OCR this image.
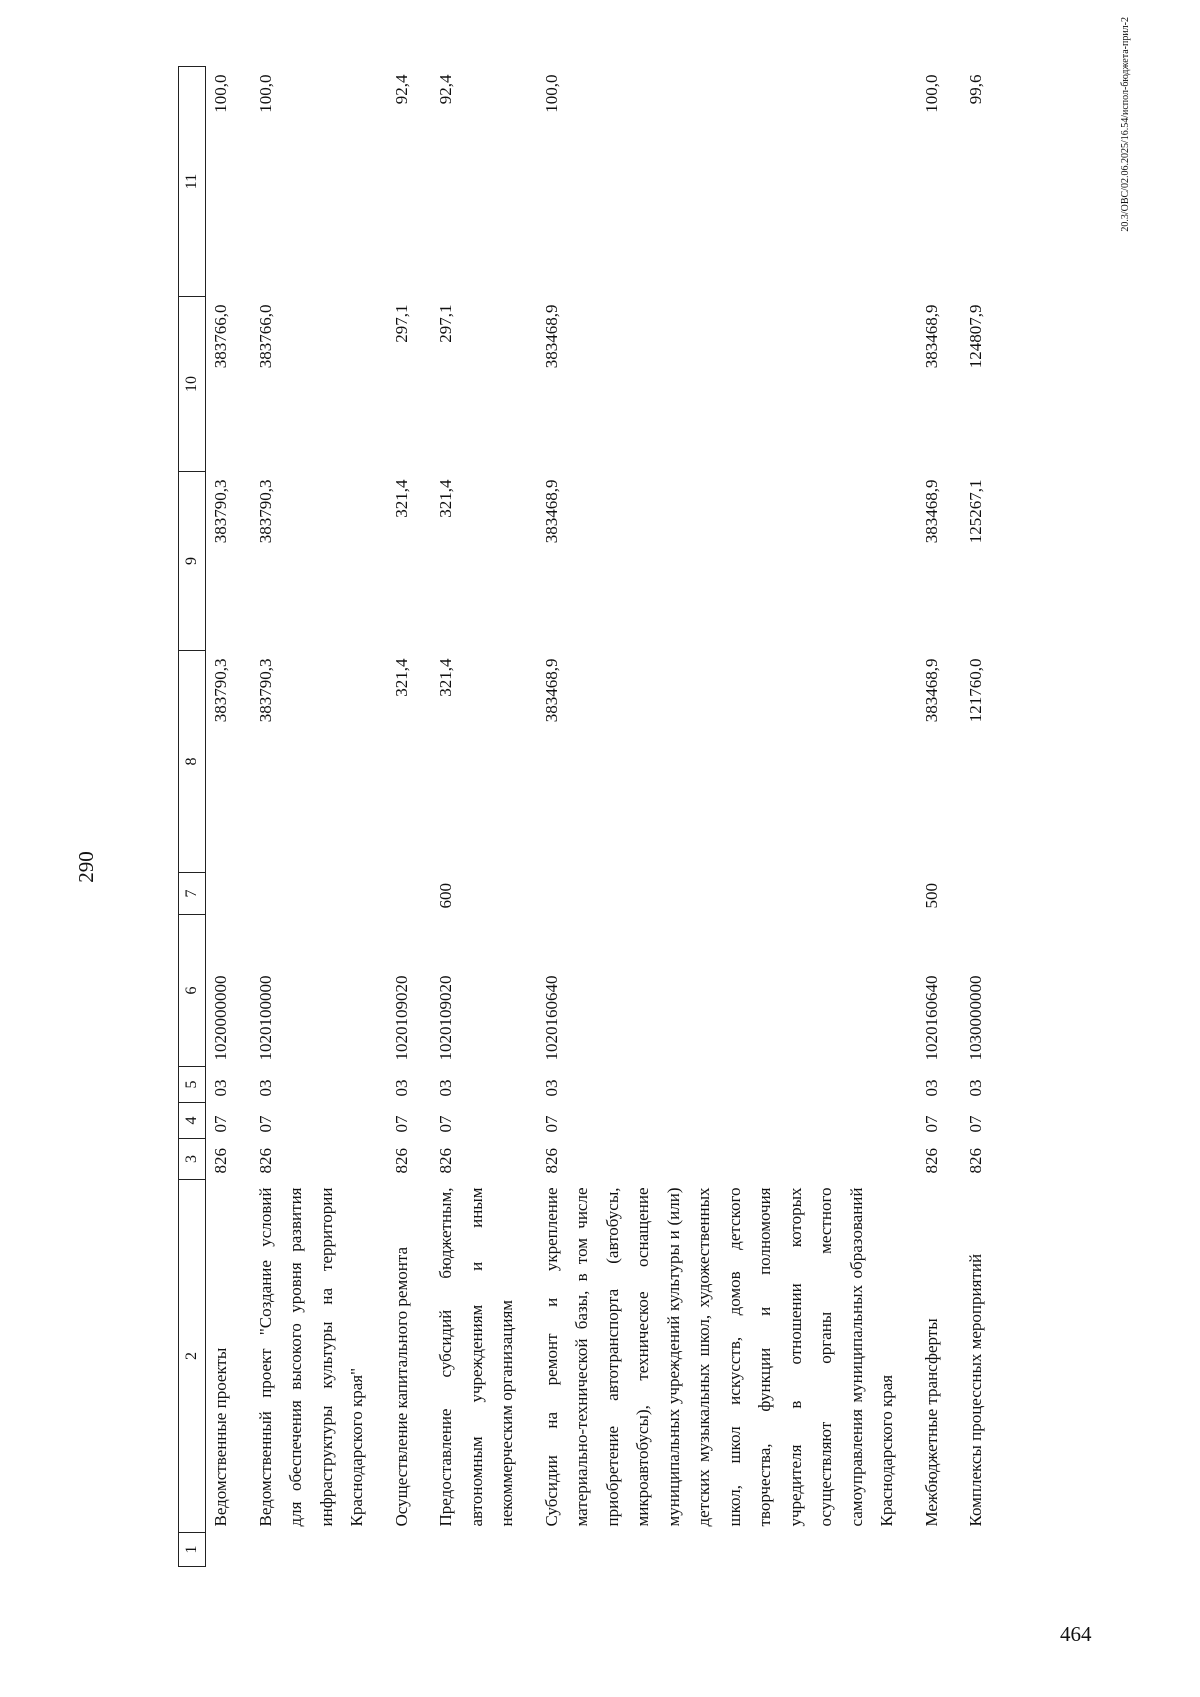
290
1	2	3	4	5	6	7	8	9	10	11
	Ведомственные проекты	826	07	03	1020000000		383790,3	383790,3	383766,0	100,0
	Ведомственный проект "Создание условий для обеспечения высокого уровня развития инфраструктуры культуры на территории Краснодарского края"	826	07	03	1020100000		383790,3	383790,3	383766,0	100,0
	Осуществление капитального ремонта	826	07	03	1020109020		321,4	321,4	297,1	92,4
	Предоставление субсидий бюджетным, автономным учреждениям и иным некоммерческим организациям	826	07	03	1020109020	600	321,4	321,4	297,1	92,4
	Субсидии на ремонт и укрепление материально-технической базы, в том числе приобретение автотранспорта (автобусы, микроавтобусы), техническое оснащение муниципальных учреждений культуры и (или) детских музыкальных школ, художественных школ, школ искусств, домов детского творчества, функции и полномочия учредителя в отношении которых осуществляют органы местного самоуправления муниципальных образований Краснодарского края	826	07	03	1020160640		383468,9	383468,9	383468,9	100,0
	Межбюджетные трансферты	826	07	03	1020160640	500	383468,9	383468,9	383468,9	100,0
	Комплексы процессных мероприятий	826	07	03	1030000000		121760,0	125267,1	124807,9	99,6	20.3/OBC/02.06.2025/16.54/испол-бюджета-прил-2
464
